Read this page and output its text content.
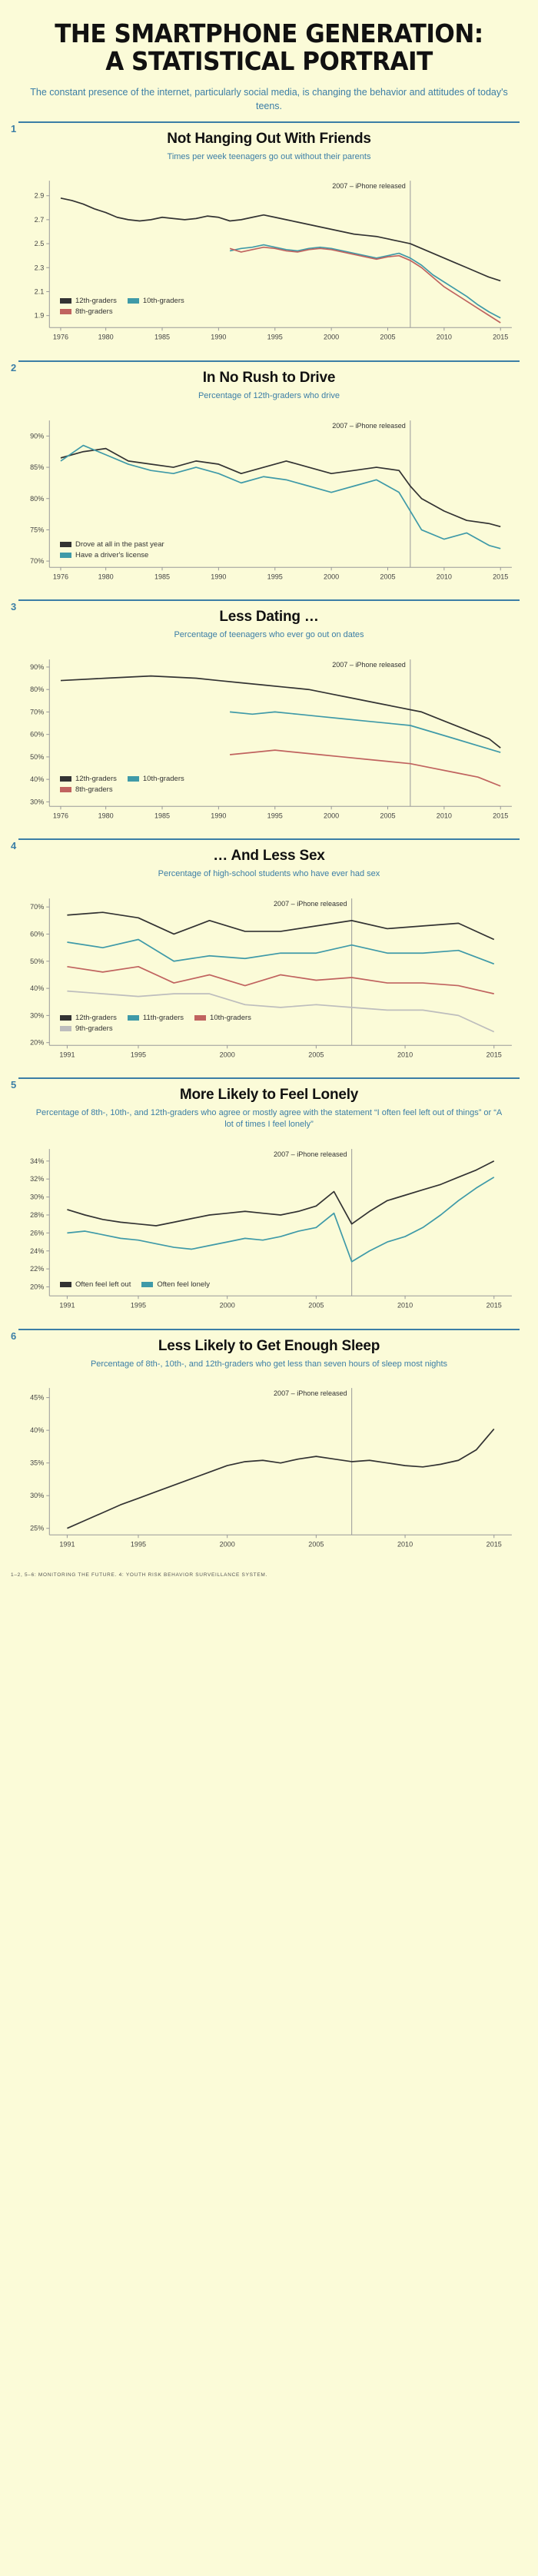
THE SMARTPHONE GENERATION:
A STATISTICAL PORTRAIT
The constant presence of the internet, particularly social media, is changing the behavior and attitudes of today's teens.
1
Not Hanging Out With Friends
Times per week teenagers go out without their parents
1.9
2.1
2.3
2.5
2.7
2.9
1976	1980	1985	1990	1995	2000	2005	2010	2015
2007 – iPhone released
12th-graders	10th-graders
8th-graders
2
In No Rush to Drive
Percentage of 12th-graders who drive
70%
75%
80%
85%
90%
1976	1980	1985	1990	1995	2000	2005	2010	2015
2007 – iPhone released
Drove at all in the past year
Have a driver's license
3
Less Dating …
Percentage of teenagers who ever go out on dates
30%
40%
50%
60%
70%
80%
90%
1976	1980	1985	1990	1995	2000	2005	2010	2015
2007 – iPhone released
12th-graders	10th-graders
8th-graders
4
… And Less Sex
Percentage of high-school students who have ever had sex
20%
30%
40%
50%
60%
70%
1991	1995	2000	2005	2010	2015
2007 – iPhone released
12th-graders	11th-graders	10th-graders
9th-graders
5
More Likely to Feel Lonely
Percentage of 8th-, 10th-, and 12th-graders who agree or mostly agree with the statement “I often feel left out of things” or “A lot of times I feel lonely”
20%
22%
24%
26%
28%
30%
32%
34%
1991	1995	2000	2005	2010	2015
2007 – iPhone released
Often feel left out	Often feel lonely
6
Less Likely to Get Enough Sleep
Percentage of 8th-, 10th-, and 12th-graders who get less than seven hours of sleep most nights
25%
30%
35%
40%
45%
1991	1995	2000	2005	2010	2015
2007 – iPhone released
1–2, 5–6: MONITORING THE FUTURE. 4: YOUTH RISK BEHAVIOR SURVEILLANCE SYSTEM.
